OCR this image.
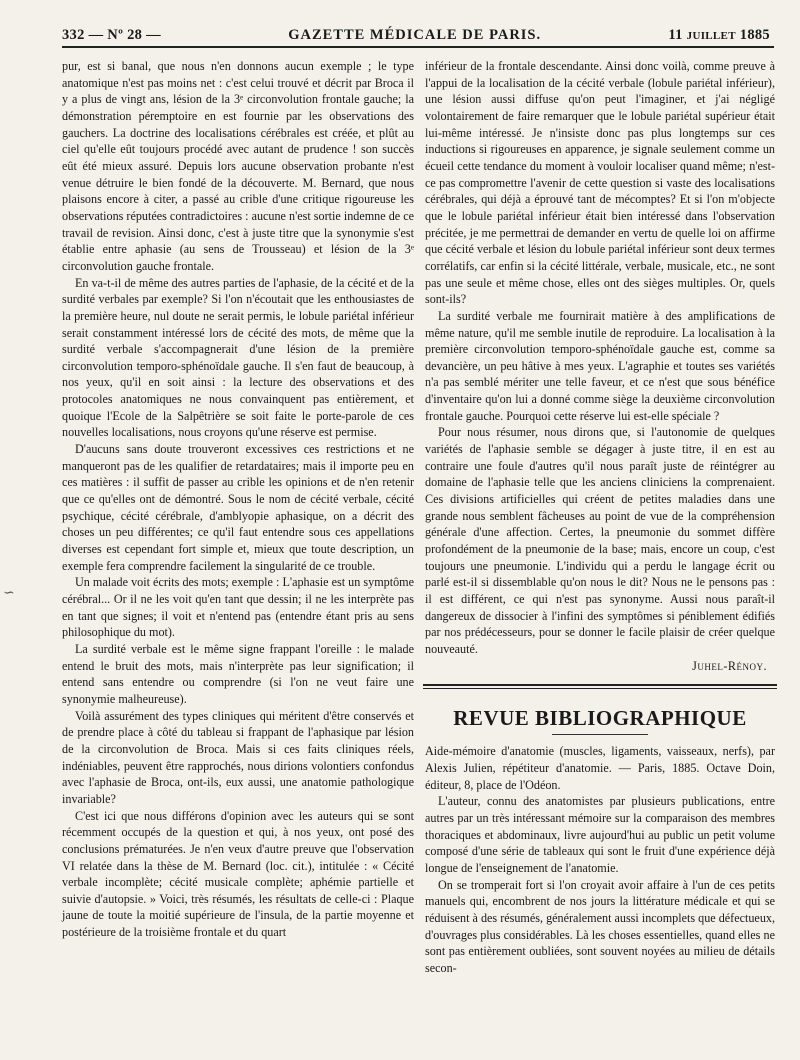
332 — Nº 28 —	GAZETTE MÉDICALE DE PARIS.	11 JUILLET 1885
∽

pur, est si banal, que nous n'en donnons aucun exemple ; le type anatomique n'est pas moins net : c'est celui trouvé et décrit par Broca il y a plus de vingt ans, lésion de la 3ᵉ circonvolution frontale gauche; la démonstration péremptoire en est fournie par les observations des gauchers. La doctrine des localisations cérébrales est créée, et plût au ciel qu'elle eût toujours procédé avec autant de prudence ! son succès eût été mieux assuré. Depuis lors aucune observation probante n'est venue détruire le bien fondé de la découverte. M. Bernard, que nous plaisons encore à citer, a passé au crible d'une critique rigoureuse les observations réputées contradictoires : aucune n'est sortie indemne de ce travail de revision. Ainsi donc, c'est à juste titre que la synonymie s'est établie entre aphasie (au sens de Trousseau) et lésion de la 3ᵉ circonvolution gauche frontale.

En va-t-il de même des autres parties de l'aphasie, de la cécité et de la surdité verbales par exemple? Si l'on n'écoutait que les enthousiastes de la première heure, nul doute ne serait permis, le lobule pariétal inférieur serait constamment intéressé lors de cécité des mots, de même que la surdité verbale s'accompagnerait d'une lésion de la première circonvolution temporo-sphénoïdale gauche. Il s'en faut de beaucoup, à nos yeux, qu'il en soit ainsi : la lecture des observations et des protocoles anatomiques ne nous convainquent pas entièrement, et quoique l'Ecole de la Salpêtrière se soit faite le porte-parole de ces nouvelles localisations, nous croyons qu'une réserve est permise.

D'aucuns sans doute trouveront excessives ces restrictions et ne manqueront pas de les qualifier de retardataires; mais il importe peu en ces matières : il suffit de passer au crible les opinions et de n'en retenir que ce qu'elles ont de démontré. Sous le nom de cécité verbale, cécité psychique, cécité cérébrale, d'amblyopie aphasique, on a décrit des choses un peu différentes; ce qu'il faut entendre sous ces appellations diverses est cependant fort simple et, mieux que toute description, un exemple fera comprendre facilement la singularité de ce trouble.

Un malade voit écrits des mots; exemple : L'aphasie est un symptôme cérébral... Or il ne les voit qu'en tant que dessin; il ne les interprète pas en tant que signes; il voit et n'entend pas (entendre étant pris au sens philosophique du mot).

La surdité verbale est le même signe frappant l'oreille : le malade entend le bruit des mots, mais n'interprète pas leur signification; il entend sans entendre ou comprendre (si l'on ne veut faire une synonymie malheureuse).

Voilà assurément des types cliniques qui méritent d'être conservés et de prendre place à côté du tableau si frappant de l'aphasique par lésion de la circonvolution de Broca. Mais si ces faits cliniques réels, indéniables, peuvent être rapprochés, nous dirions volontiers confondus avec l'aphasie de Broca, ont-ils, eux aussi, une anatomie pathologique invariable?

C'est ici que nous différons d'opinion avec les auteurs qui se sont récemment occupés de la question et qui, à nos yeux, ont posé des conclusions prématurées. Je n'en veux d'autre preuve que l'observation VI relatée dans la thèse de M. Bernard (loc. cit.), intitulée : « Cécité verbale incomplète; cécité musicale complète; aphémie partielle et suivie d'autopsie. » Voici, très résumés, les résultats de celle-ci : Plaque jaune de toute la moitié supérieure de l'insula, de la partie moyenne et postérieure de la troisième frontale et du quart

inférieur de la frontale descendante. Ainsi donc voilà, comme preuve à l'appui de la localisation de la cécité verbale (lobule pariétal inférieur), une lésion aussi diffuse qu'on peut l'imaginer, et j'ai négligé volontairement de faire remarquer que le lobule pariétal supérieur était lui-même intéressé. Je n'insiste donc pas plus longtemps sur ces inductions si rigoureuses en apparence, je signale seulement comme un écueil cette tendance du moment à vouloir localiser quand même; n'est-ce pas compromettre l'avenir de cette question si vaste des localisations cérébrales, qui déjà a éprouvé tant de mécomptes? Et si l'on m'objecte que le lobule pariétal inférieur était bien intéressé dans l'observation précitée, je me permettrai de demander en vertu de quelle loi on affirme que cécité verbale et lésion du lobule pariétal inférieur sont deux termes corrélatifs, car enfin si la cécité littérale, verbale, musicale, etc., ne sont pas une seule et même chose, elles ont des sièges multiples. Or, quels sont-ils?

La surdité verbale me fournirait matière à des amplifications de même nature, qu'il me semble inutile de reproduire. La localisation à la première circonvolution temporo-sphénoïdale gauche est, comme sa devancière, un peu hâtive à mes yeux. L'agraphie et toutes ses variétés n'a pas semblé mériter une telle faveur, et ce n'est que sous bénéfice d'inventaire qu'on lui a donné comme siège la deuxième circonvolution frontale gauche. Pourquoi cette réserve lui est-elle spéciale ?

Pour nous résumer, nous dirons que, si l'autonomie de quelques variétés de l'aphasie semble se dégager à juste titre, il en est au contraire une foule d'autres qu'il nous paraît juste de réintégrer au domaine de l'aphasie telle que les anciens cliniciens la comprenaient. Ces divisions artificielles qui créent de petites maladies dans une grande nous semblent fâcheuses au point de vue de la compréhension générale d'une affection. Certes, la pneumonie du sommet diffère profondément de la pneumonie de la base; mais, encore un coup, c'est toujours une pneumonie. L'individu qui a perdu le langage écrit ou parlé est-il si dissemblable qu'on nous le dit? Nous ne le pensons pas : il est différent, ce qui n'est pas synonyme. Aussi nous paraît-il dangereux de dissocier à l'infini des symptômes si péniblement édifiés par nos prédécesseurs, pour se donner le facile plaisir de créer quelque nouveauté.

Juhel-Rénoy.
REVUE BIBLIOGRAPHIQUE

Aide-mémoire d'anatomie (muscles, ligaments, vaisseaux, nerfs), par Alexis Julien, répétiteur d'anatomie. — Paris, 1885. Octave Doin, éditeur, 8, place de l'Odéon.

L'auteur, connu des anatomistes par plusieurs publications, entre autres par un très intéressant mémoire sur la comparaison des membres thoraciques et abdominaux, livre aujourd'hui au public un petit volume composé d'une série de tableaux qui sont le fruit d'une expérience déjà longue de l'enseignement de l'anatomie.

On se tromperait fort si l'on croyait avoir affaire à l'un de ces petits manuels qui, encombrent de nos jours la littérature médicale et qui se réduisent à des résumés, généralement aussi incomplets que défectueux, d'ouvrages plus considérables. Là les choses essentielles, quand elles ne sont pas entièrement oubliées, sont souvent noyées au milieu de détails secon-
